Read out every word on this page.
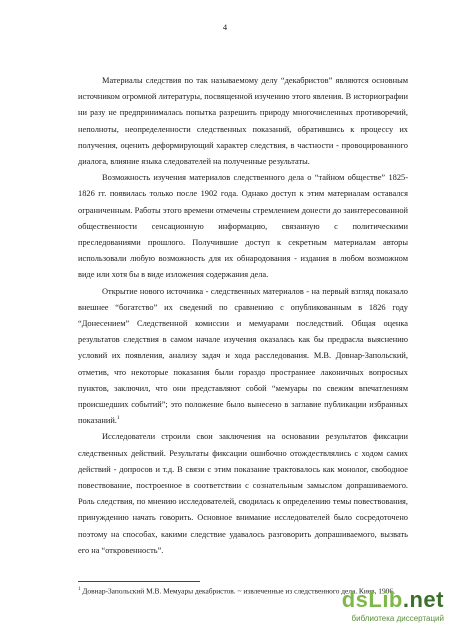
4

Материалы следствия по так называемому делу “декабристов” являются основным источником огромной литературы, посвященной изучению этого явления. В историографии ни разу не предпринималась попытка разрешить природу многочисленных противоречий, неполноты, неопределенности следственных показаний, обратившись к процессу их получения, оценить деформирующий характер следствия, в частности - провоцированного диалога, влияние языка следователей на полученные результаты.

Возможность изучения материалов следственного дела о “тайном обществе” 1825-1826 гг. появилась только после 1902 года. Однако доступ к этим материалам оставался ограниченным. Работы этого времени отмечены стремлением донести до заинтересованной общественности сенсационную информацию, связанную с политическими преследованиями прошлого. Получившие доступ к секретным материалам авторы использовали любую возможность для их обнародования - издания в любом возможном виде или хотя бы в виде изложения содержания дела.

Открытие нового источника - следственных материалов - на первый взгляд показало внешнее “богатство” их сведений по сравнению с опубликованным в 1826 году “Донесением” Следственной комиссии и мемуарами последствий. Общая оценка результатов следствия в самом начале изучения оказалась как бы предрасла выяснению условий их появления, анализу задач и хода расследования. М.В. Довнар-Запольский, отметив, что некоторые показания были гораздо пространнее лаконичных вопросных пунктов, заключил, что они представляют собой “мемуары по свежим впечатлениям происшедших событий”; это положение было вынесено в заглавие публикации избранных показаний.$^1$

Исследователи строили свои заключения на основании результатов фиксации следственных действий. Результаты фиксации ошибочно отождествлялись с ходом самих действий - допросов и т.д. В связи с этим показание трактовалось как монолог, свободное повествование, построенное в соответствии с сознательным замыслом допрашиваемого. Роль следствия, по мнению исследователей, сводилась к определению темы повествования, принуждению начать говорить. Основное внимание исследователей было сосредоточено поэтому на способах, какими следствие удавалось разговорить допрашиваемого, вызвать его на “откровенность”.

$^1$ Довнар-Запольский М.В. Мемуары декабристов. ~ извлеченные из следственного дела. Киев, 1906.
dsLib.net
библиотека диссертаций
